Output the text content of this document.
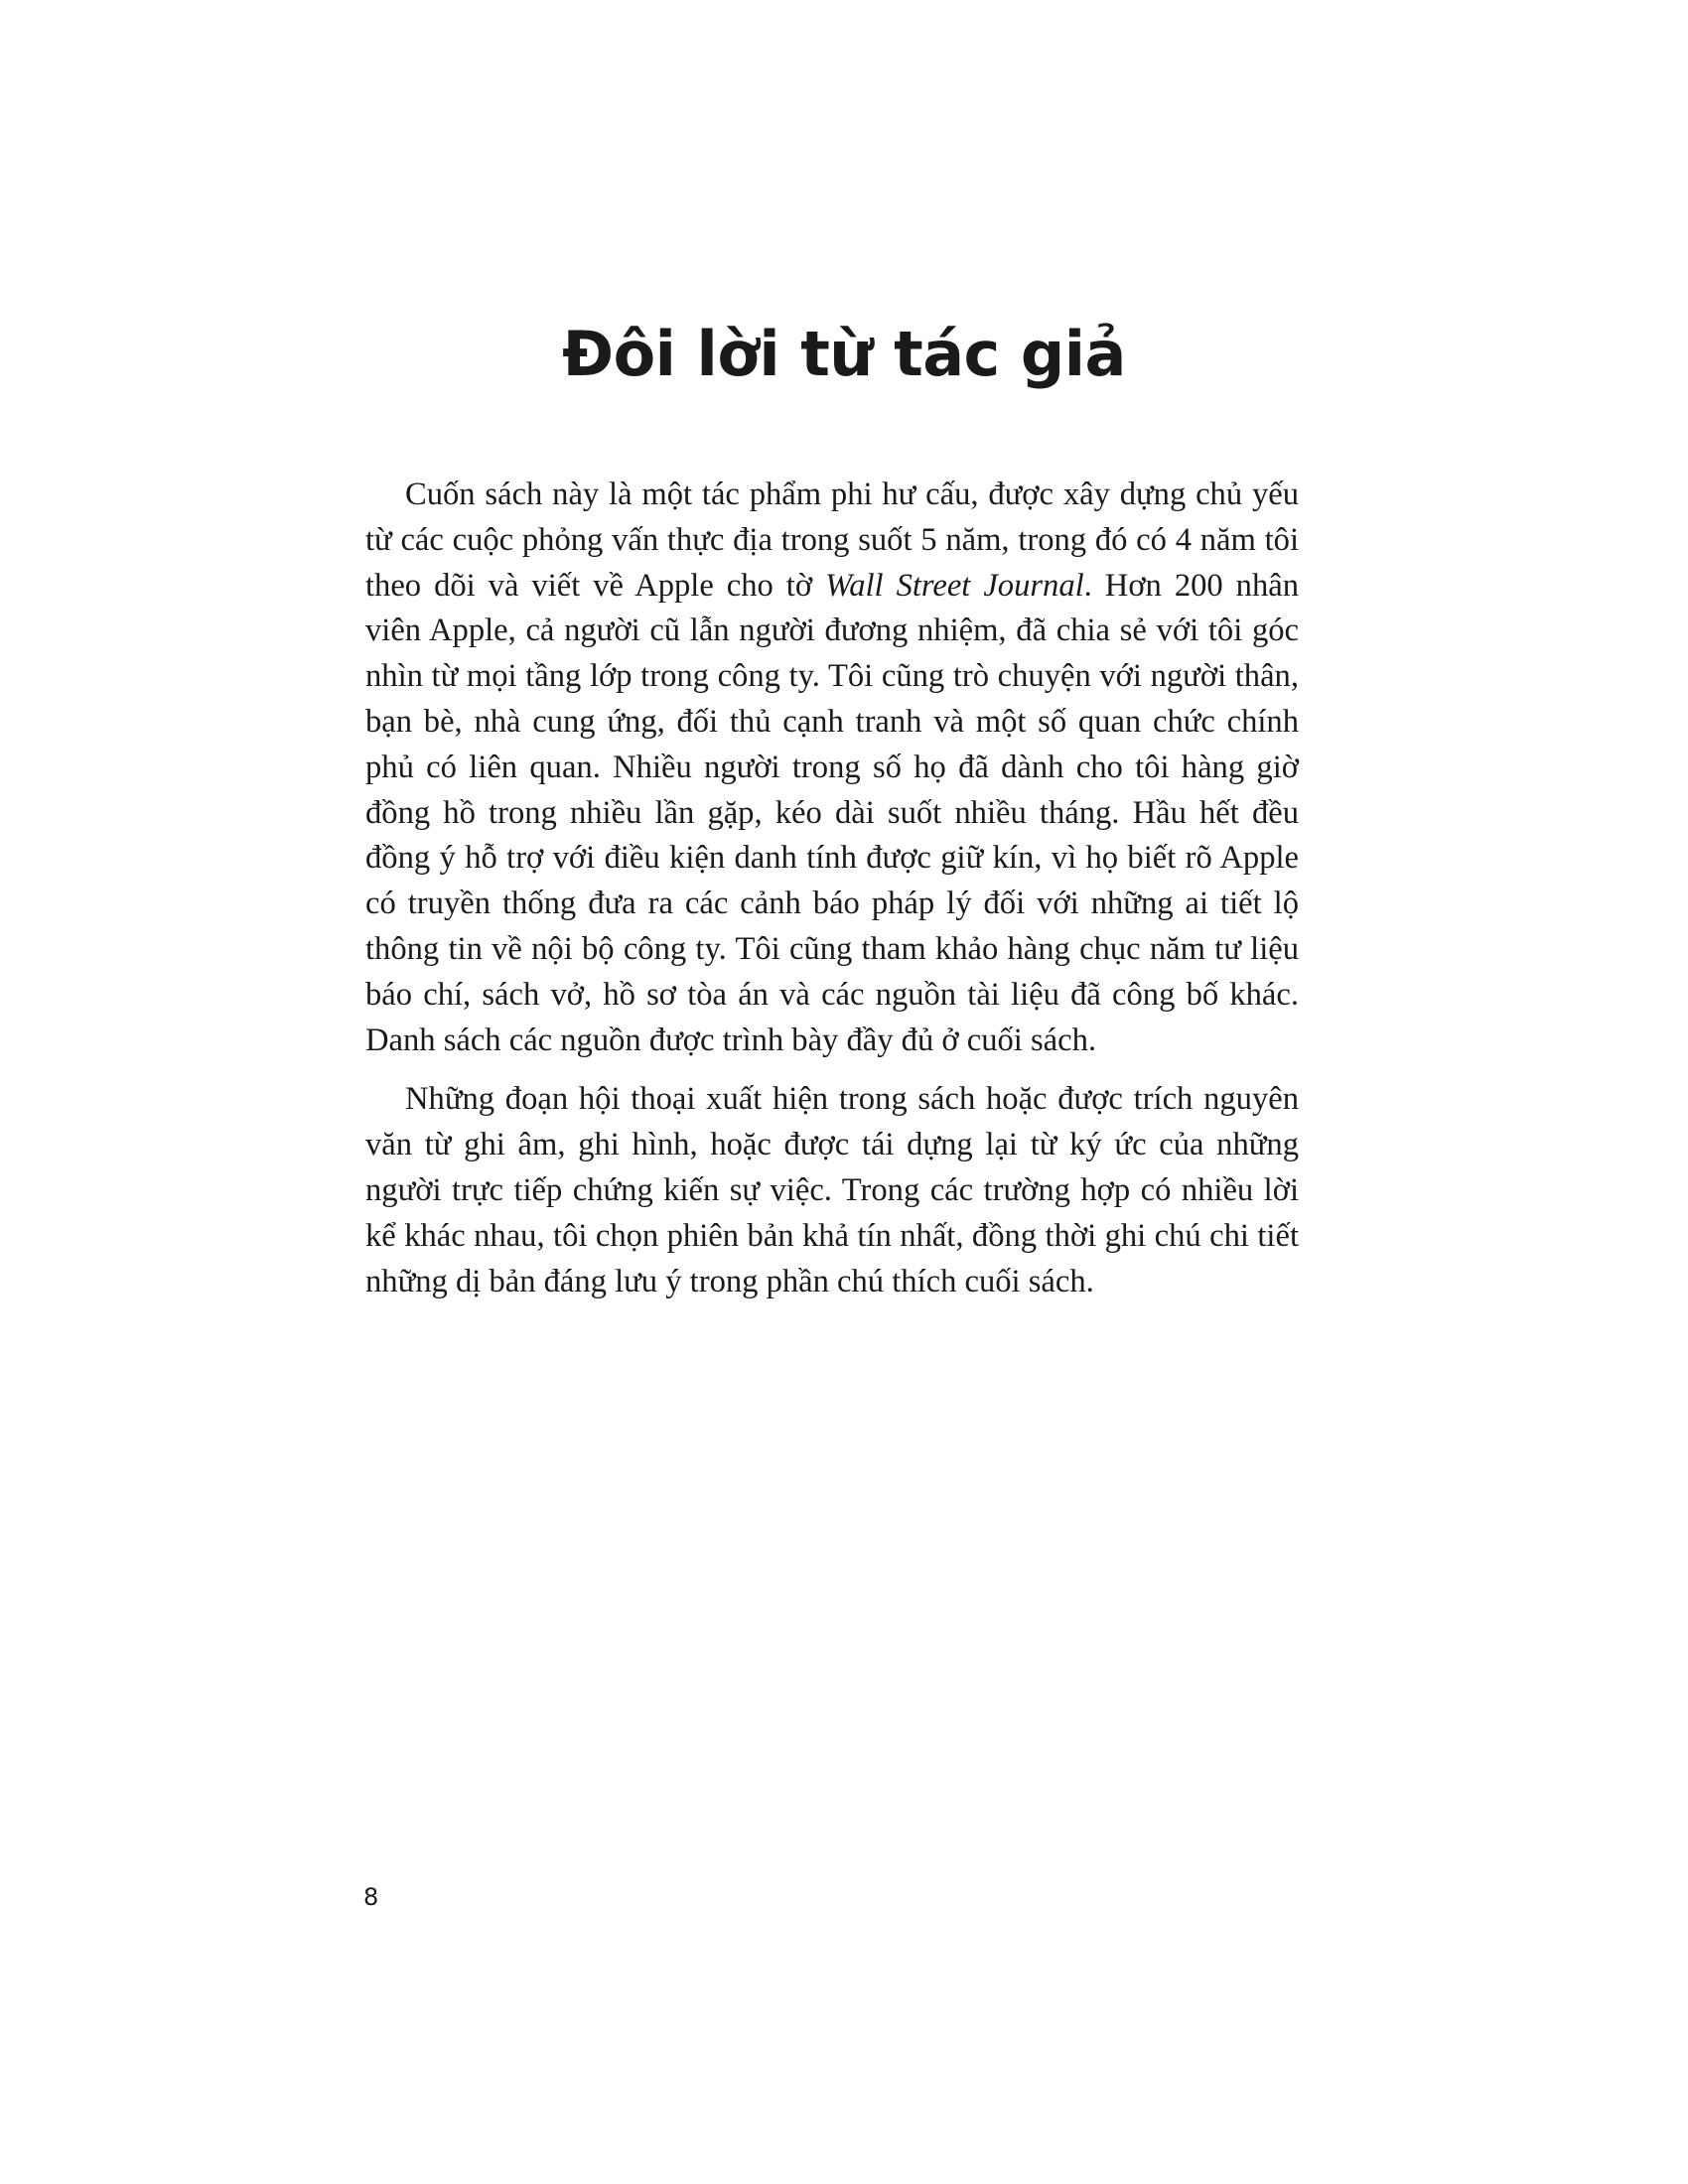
Đôi lời từ tác giả

Cuốn sách này là một tác phẩm phi hư cấu, được xây dựng chủ yếu từ các cuộc phỏng vấn thực địa trong suốt 5 năm, trong đó có 4 năm tôi theo dõi và viết về Apple cho tờ Wall Street Journal. Hơn 200 nhân viên Apple, cả người cũ lẫn người đương nhiệm, đã chia sẻ với tôi góc nhìn từ mọi tầng lớp trong công ty. Tôi cũng trò chuyện với người thân, bạn bè, nhà cung ứng, đối thủ cạnh tranh và một số quan chức chính phủ có liên quan. Nhiều người trong số họ đã dành cho tôi hàng giờ đồng hồ trong nhiều lần gặp, kéo dài suốt nhiều tháng. Hầu hết đều đồng ý hỗ trợ với điều kiện danh tính được giữ kín, vì họ biết rõ Apple có truyền thống đưa ra các cảnh báo pháp lý đối với những ai tiết lộ thông tin về nội bộ công ty. Tôi cũng tham khảo hàng chục năm tư liệu báo chí, sách vở, hồ sơ tòa án và các nguồn tài liệu đã công bố khác. Danh sách các nguồn được trình bày đầy đủ ở cuối sách.

Những đoạn hội thoại xuất hiện trong sách hoặc được trích nguyên văn từ ghi âm, ghi hình, hoặc được tái dựng lại từ ký ức của những người trực tiếp chứng kiến sự việc. Trong các trường hợp có nhiều lời kể khác nhau, tôi chọn phiên bản khả tín nhất, đồng thời ghi chú chi tiết những dị bản đáng lưu ý trong phần chú thích cuối sách.

8
